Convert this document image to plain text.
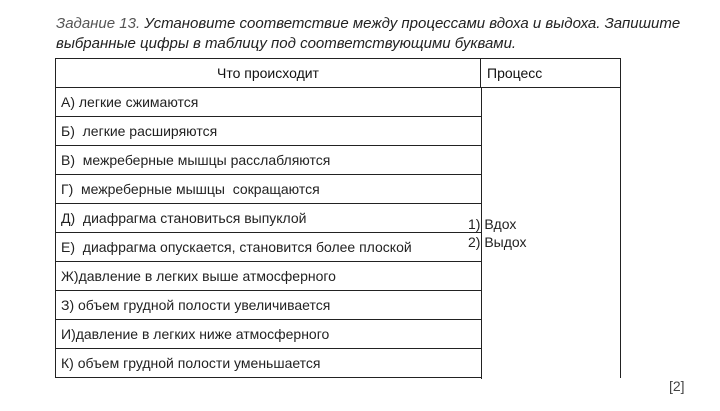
Задание 13. Установите соответствие между процессами вдоха и выдоха. Запишите выбранные цифры в таблицу под соответствующими буквами.
Что происходит	Процесс
А) легкие сжимаются
Б)  легкие расширяются
В)  межреберные мышцы расслабляются
Г)  межреберные мышцы  сокращаются
Д)  диафрагма становиться выпуклой
Е)  диафрагма опускается, становится более плоской
Ж)давление в легких выше атмосферного
З) объем грудной полости увеличивается
И)давление в легких ниже атмосферного
К) объем грудной полости уменьшается
1) Вдох
2) Выдох
[2]
